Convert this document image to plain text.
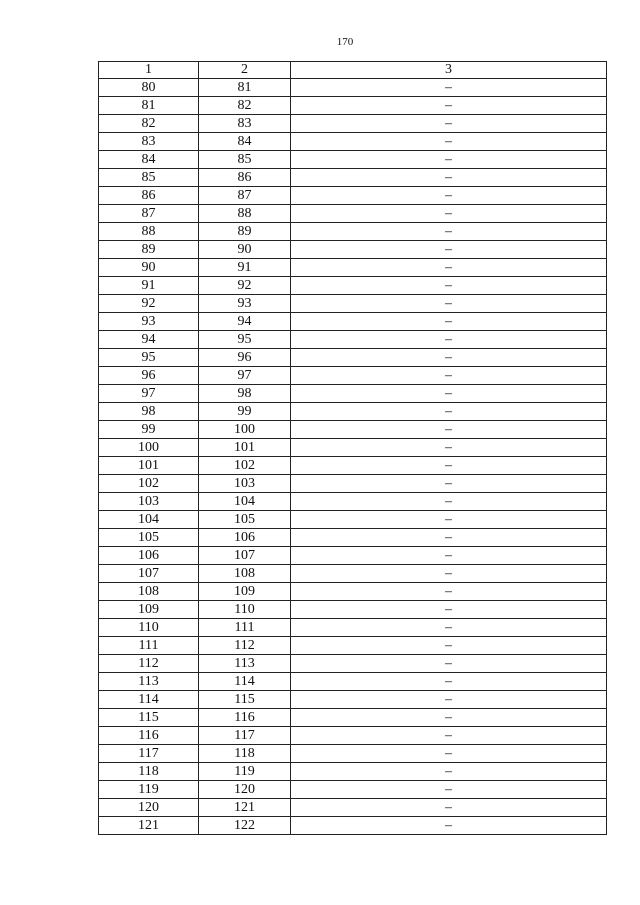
170
1	2	3
80	81	–
81	82	–
82	83	–
83	84	–
84	85	–
85	86	–
86	87	–
87	88	–
88	89	–
89	90	–
90	91	–
91	92	–
92	93	–
93	94	–
94	95	–
95	96	–
96	97	–
97	98	–
98	99	–
99	100	–
100	101	–
101	102	–
102	103	–
103	104	–
104	105	–
105	106	–
106	107	–
107	108	–
108	109	–
109	110	–
110	111	–
111	112	–
112	113	–
113	114	–
114	115	–
115	116	–
116	117	–
117	118	–
118	119	–
119	120	–
120	121	–
121	122	–
